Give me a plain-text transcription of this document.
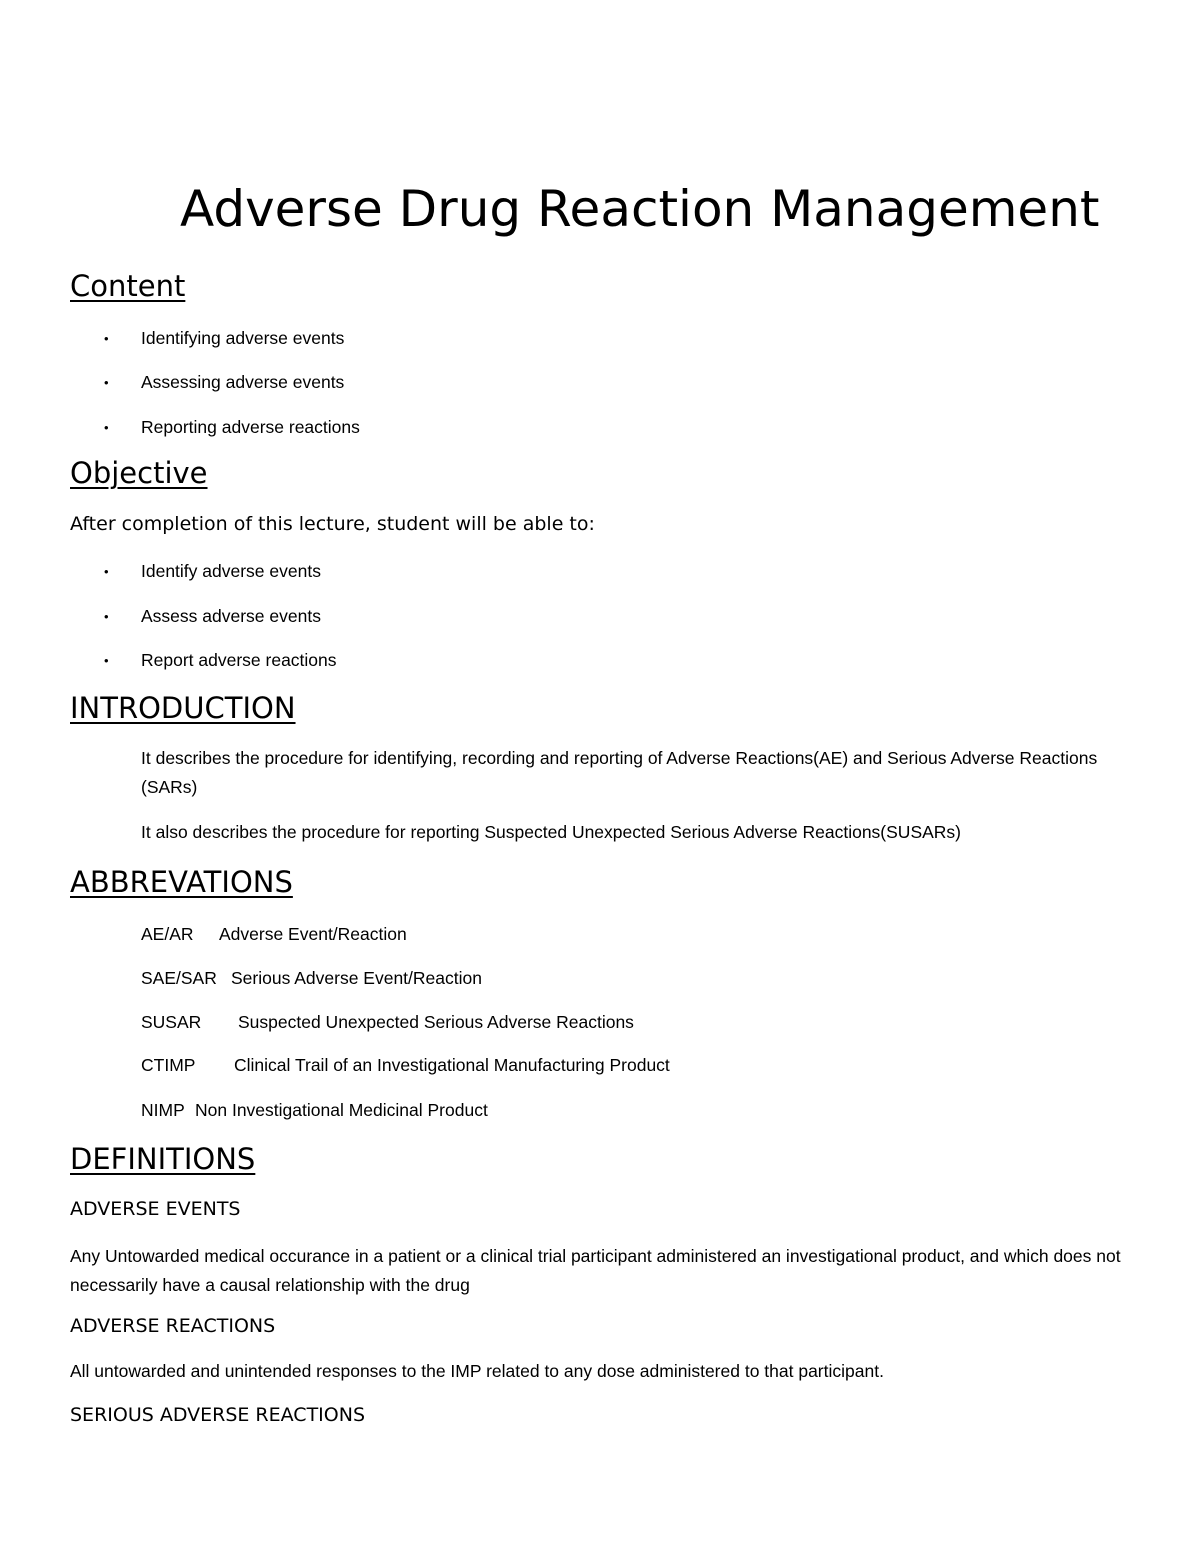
Adverse Drug Reaction Management
Content
• Identifying adverse events
• Assessing adverse events
• Reporting adverse reactions
Objective
After completion of this lecture, student will be able to:
• Identify adverse events
• Assess adverse events
• Report adverse reactions
INTRODUCTION
It describes the procedure for identifying, recording and reporting of Adverse Reactions(AE) and Serious Adverse Reactions (SARs)
It also describes the procedure for reporting Suspected Unexpected Serious Adverse Reactions(SUSARs)
ABBREVATIONS
AE/AR Adverse Event/Reaction
SAE/SAR Serious Adverse Event/Reaction
SUSAR Suspected Unexpected Serious Adverse Reactions
CTIMP Clinical Trail of an Investigational Manufacturing Product
NIMP Non Investigational Medicinal Product
DEFINITIONS
ADVERSE EVENTS
Any Untowarded medical occurance in a patient or a clinical trial participant administered an investigational product, and which does not necessarily have a causal relationship with the drug
ADVERSE REACTIONS
All untowarded and unintended responses to the IMP related to any dose administered to that participant.
SERIOUS ADVERSE REACTIONS
